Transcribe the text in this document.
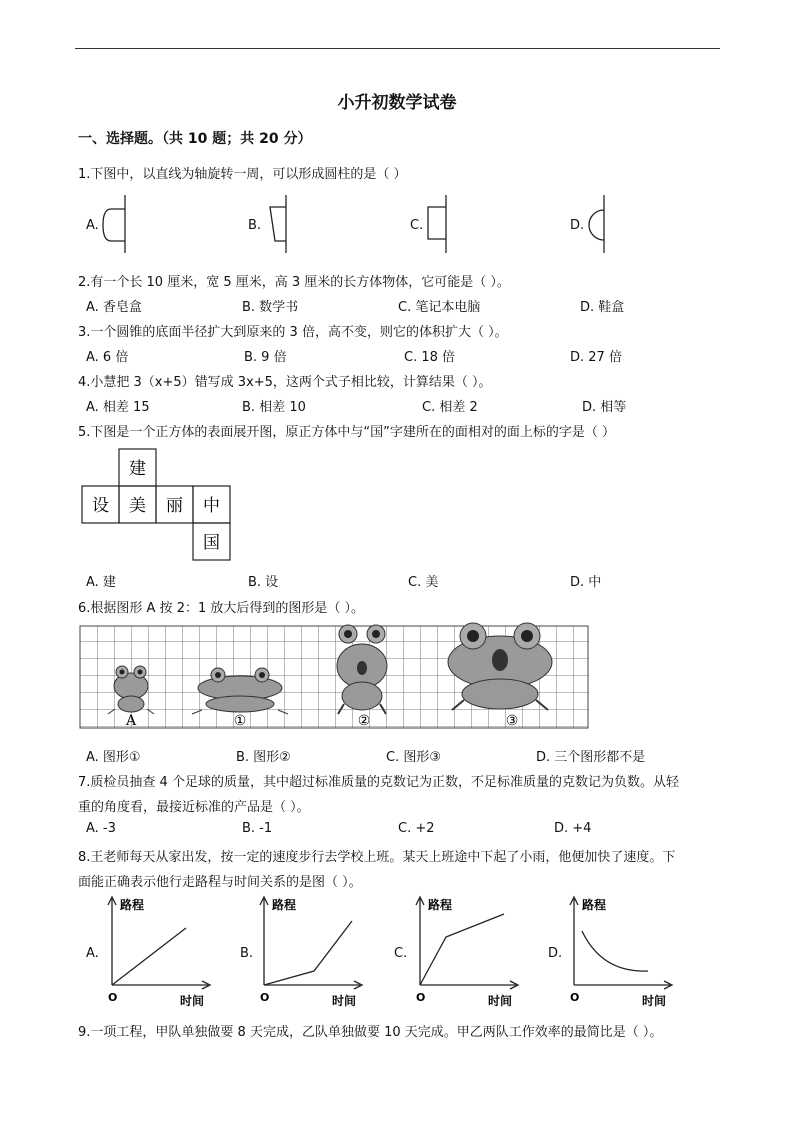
小升初数学试卷
一、选择题。（共 10 题；共 20 分）
1.下图中，以直线为轴旋转一周，可以形成圆柱的是（ ）
A.	B.	C.	D.
2.有一个长 10 厘米，宽 5 厘米，高 3 厘米的长方体物体，它可能是（ ）。
A. 香皂盒	B. 数学书	C. 笔记本电脑	D. 鞋盒
3.一个圆锥的底面半径扩大到原来的 3 倍，高不变，则它的体积扩大（ ）。
A. 6 倍	B. 9 倍	C. 18 倍	D. 27 倍
4.小慧把 3（x+5）错写成 3x+5，这两个式子相比较，计算结果（ ）。
A. 相差 15	B. 相差 10	C. 相差 2	D. 相等
5.下图是一个正方体的表面展开图，原正方体中与“国”字建所在的面相对的面上标的字是（ ）
建
设 美 丽 中
国
A. 建	B. 设	C. 美	D. 中
6.根据图形 A 按 2：1 放大后得到的图形是（ ）。
A	①	②	③
A. 图形①	B. 图形②	C. 图形③	D. 三个图形都不是
7.质检员抽查 4 个足球的质量，其中超过标准质量的克数记为正数，不足标准质量的克数记为负数。从轻
重的角度看，最接近标准的产品是（ ）。
A. -3	B. -1	C. +2	D. +4
8.王老师每天从家出发，按一定的速度步行去学校上班。某天上班途中下起了小雨，他便加快了速度。下
面能正确表示他行走路程与时间关系的是图（ ）。
A.	B.	C.	D.
路程
时间
O
路程
时间
O
路程
时间
O
路程
时间
O
9.一项工程，甲队单独做要 8 天完成，乙队单独做要 10 天完成。甲乙两队工作效率的最简比是（ ）。
